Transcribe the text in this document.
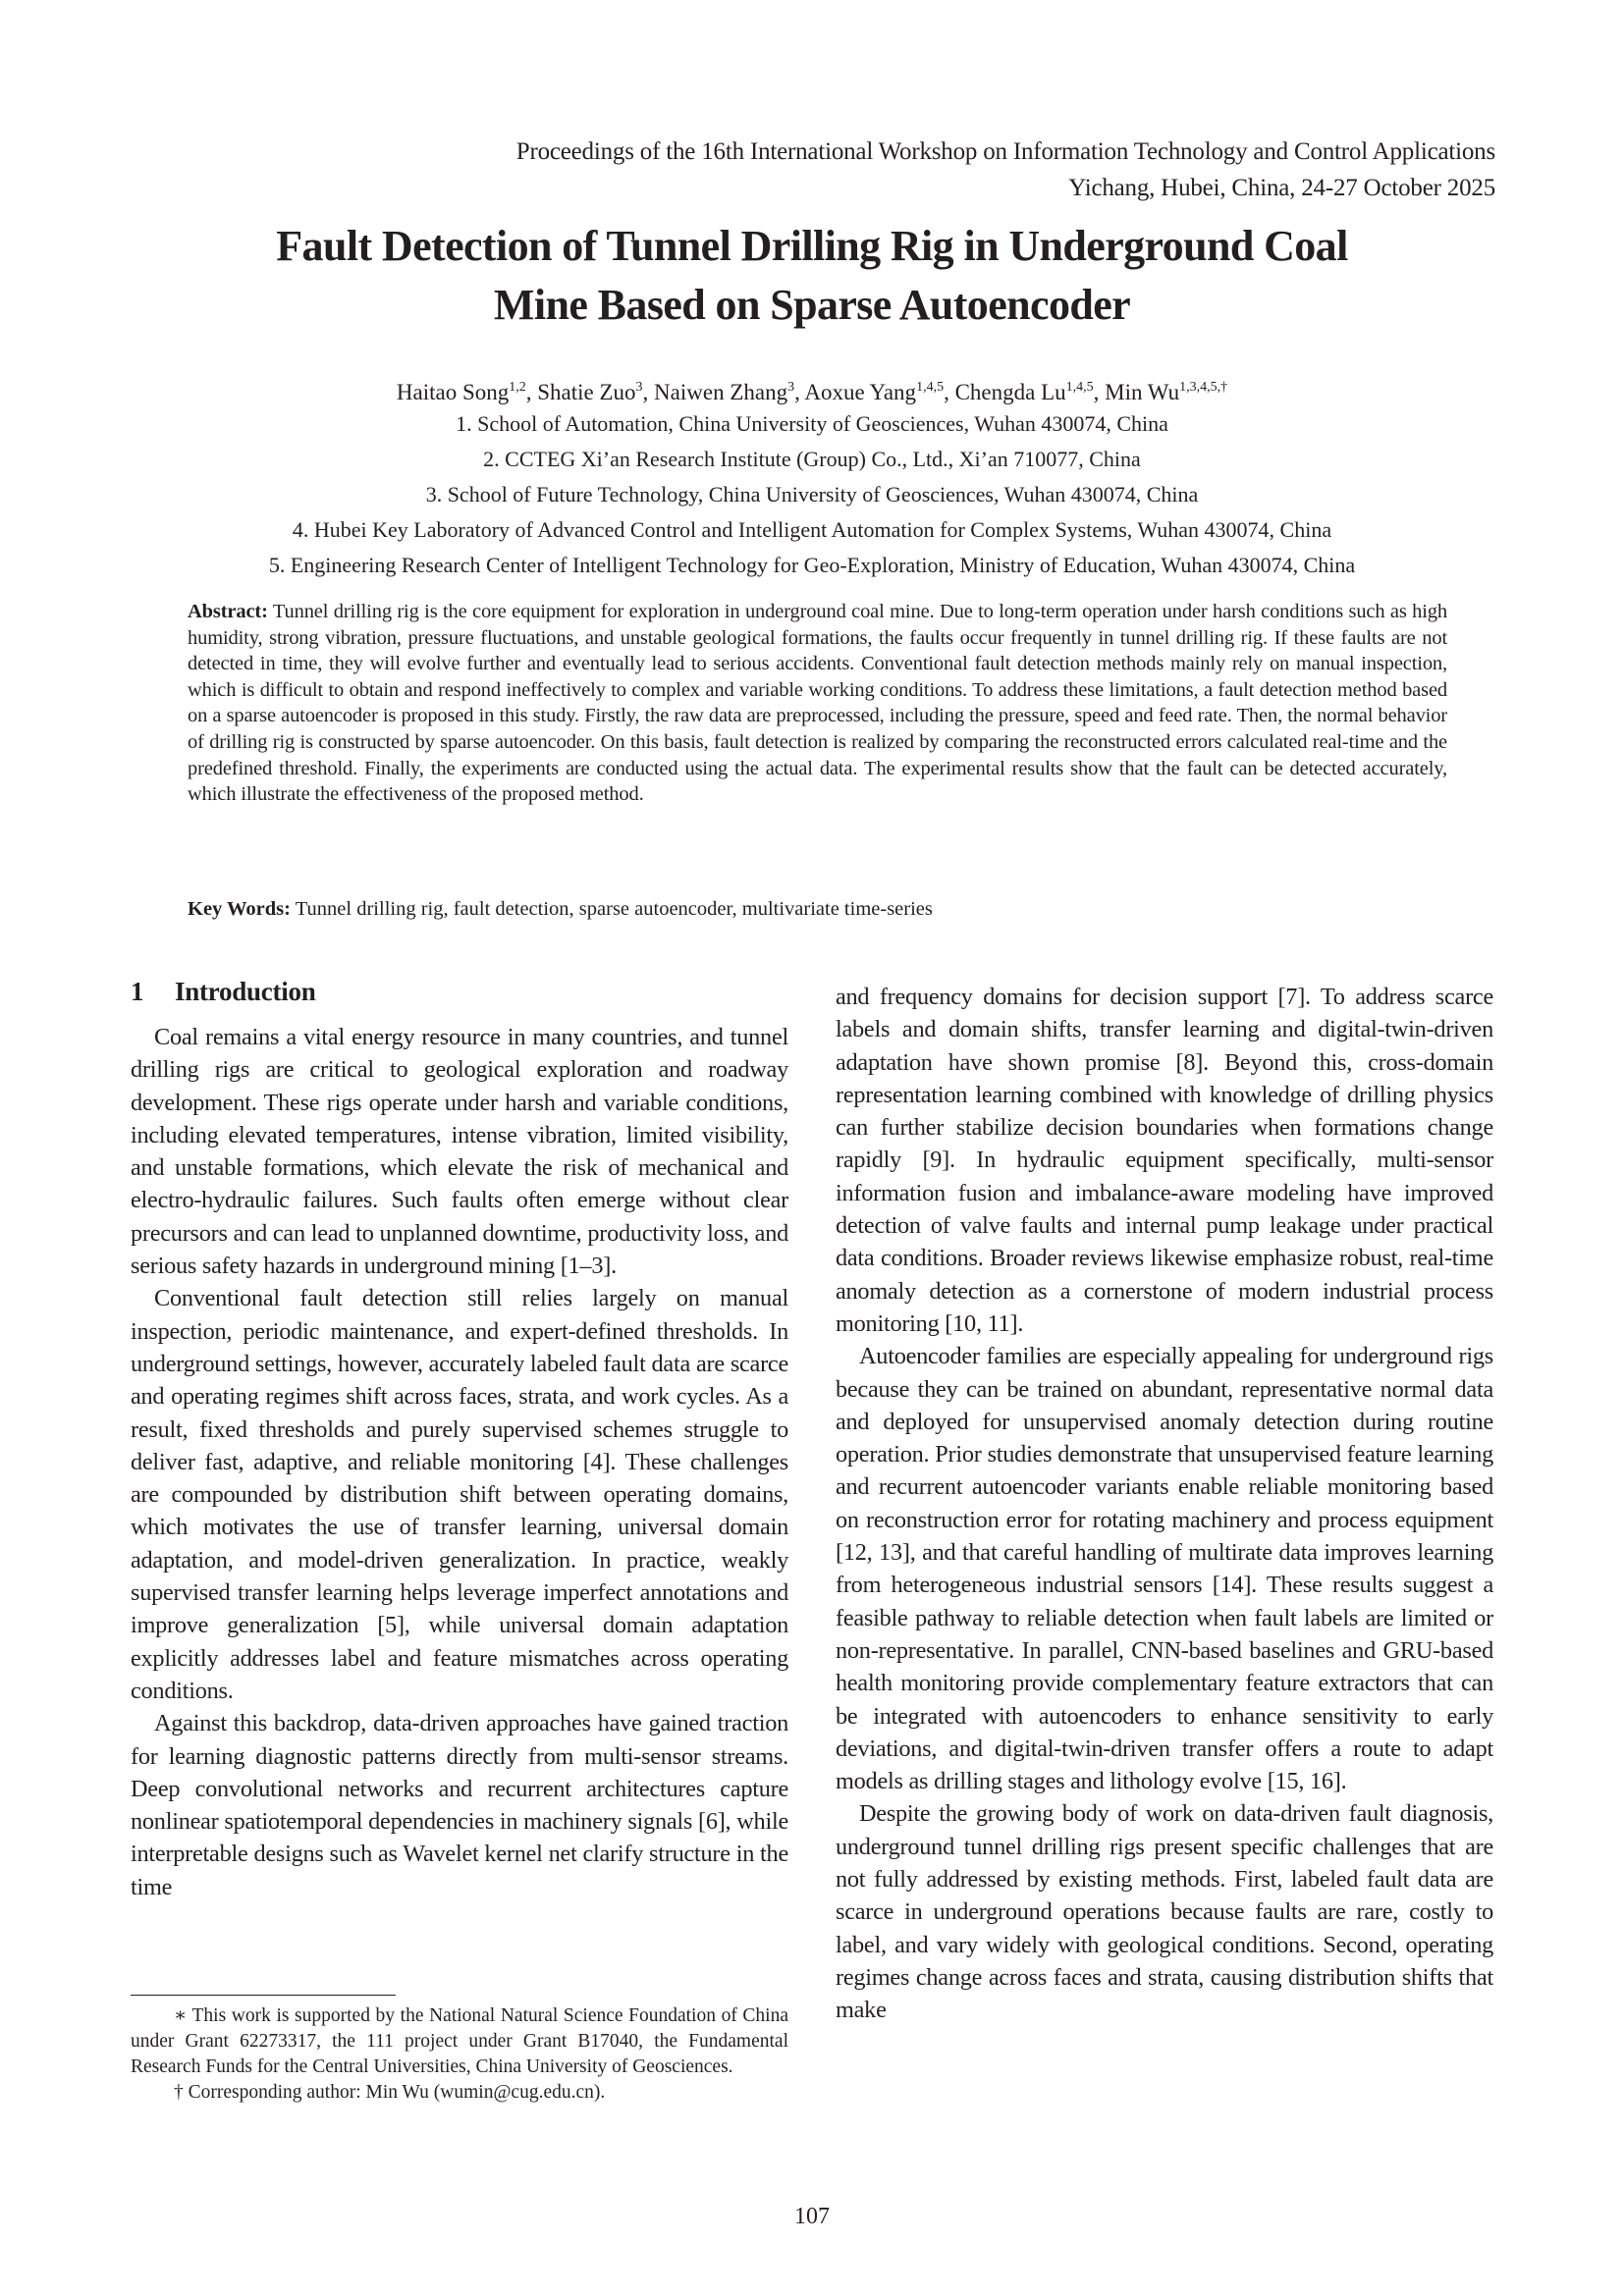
Proceedings of the 16th International Workshop on Information Technology and Control Applications
Yichang, Hubei, China, 24-27 October 2025
Fault Detection of Tunnel Drilling Rig in Underground Coal
Mine Based on Sparse Autoencoder
Haitao Song$^{1,2}$, Shatie Zuo$^3$, Naiwen Zhang$^3$, Aoxue Yang$^{1,4,5}$, Chengda Lu$^{1,4,5}$, Min $Wu^{1,3,4,5,\dagger}$
1. School of Automation, China University of Geosciences, Wuhan 430074, China
2. CCTEG Xi’an Research Institute (Group) Co., Ltd., Xi’an 710077, China
3. School of Future Technology, China University of Geosciences, Wuhan 430074, China
4. Hubei Key Laboratory of Advanced Control and Intelligent Automation for Complex Systems, Wuhan 430074, China
5. Engineering Research Center of Intelligent Technology for Geo-Exploration, Ministry of Education, Wuhan 430074, China
Abstract: Tunnel drilling rig is the core equipment for exploration in underground coal mine. Due to long-term operation under harsh conditions such as high humidity, strong vibration, pressure fluctuations, and unstable geological formations, the faults occur frequently in tunnel drilling rig. If these faults are not detected in time, they will evolve further and eventually lead to serious accidents. Conventional fault detection methods mainly rely on manual inspection, which is difficult to obtain and respond ineffectively to complex and variable working conditions. To address these limitations, a fault detection method based on a sparse autoencoder is proposed in this study. Firstly, the raw data are preprocessed, including the pressure, speed and feed rate. Then, the normal behavior of drilling rig is constructed by sparse autoencoder. On this basis, fault detection is realized by comparing the reconstructed errors calculated real-time and the predefined threshold. Finally, the experiments are conducted using the actual data. The experimental results show that the fault can be detected accurately, which illustrate the effectiveness of the proposed method.
Key Words: Tunnel drilling rig, fault detection, sparse autoencoder, multivariate time-series
1 Introduction

Coal remains a vital energy resource in many countries, and tunnel drilling rigs are critical to geological exploration and roadway development. These rigs operate under harsh and variable conditions, including elevated temperatures, intense vibration, limited visibility, and unstable formations, which elevate the risk of mechanical and electro-hydraulic failures. Such faults often emerge without clear precursors and can lead to unplanned downtime, productivity loss, and serious safety hazards in underground mining [1–3].

Conventional fault detection still relies largely on manual inspection, periodic maintenance, and expert-defined thresholds. In underground settings, however, accurately labeled fault data are scarce and operating regimes shift across faces, strata, and work cycles. As a result, fixed thresholds and purely supervised schemes struggle to deliver fast, adaptive, and reliable monitoring [4]. These challenges are compounded by distribution shift between operating domains, which motivates the use of transfer learning, universal domain adaptation, and model-driven generalization. In practice, weakly supervised transfer learning helps leverage imperfect annotations and improve generalization [5], while universal domain adaptation explicitly addresses label and feature mismatches across operating conditions.

Against this backdrop, data-driven approaches have gained traction for learning diagnostic patterns directly from multi-sensor streams. Deep convolutional networks and recurrent architectures capture nonlinear spatiotemporal dependencies in machinery signals [6], while interpretable designs such as Wavelet kernel net clarify structure in the time

∗ This work is supported by the National Natural Science Foundation of China under Grant 62273317, the 111 project under Grant B17040, the Fundamental Research Funds for the Central Universities, China University of Geosciences.

† Corresponding author: Min Wu (wumin@cug.edu.cn).

and frequency domains for decision support [7]. To address scarce labels and domain shifts, transfer learning and digital-twin-driven adaptation have shown promise [8]. Beyond this, cross-domain representation learning combined with knowledge of drilling physics can further stabilize decision boundaries when formations change rapidly [9]. In hydraulic equipment specifically, multi-sensor information fusion and imbalance-aware modeling have improved detection of valve faults and internal pump leakage under practical data conditions. Broader reviews likewise emphasize robust, real-time anomaly detection as a cornerstone of modern industrial process monitoring [10, 11].

Autoencoder families are especially appealing for underground rigs because they can be trained on abundant, representative normal data and deployed for unsupervised anomaly detection during routine operation. Prior studies demonstrate that unsupervised feature learning and recurrent autoencoder variants enable reliable monitoring based on reconstruction error for rotating machinery and process equipment [12, 13], and that careful handling of multirate data improves learning from heterogeneous industrial sensors [14]. These results suggest a feasible pathway to reliable detection when fault labels are limited or non-representative. In parallel, CNN-based baselines and GRU-based health monitoring provide complementary feature extractors that can be integrated with autoencoders to enhance sensitivity to early deviations, and digital-twin-driven transfer offers a route to adapt models as drilling stages and lithology evolve [15, 16].

Despite the growing body of work on data-driven fault diagnosis, underground tunnel drilling rigs present specific challenges that are not fully addressed by existing methods. First, labeled fault data are scarce in underground operations because faults are rare, costly to label, and vary widely with geological conditions. Second, operating regimes change across faces and strata, causing distribution shifts that make

107
